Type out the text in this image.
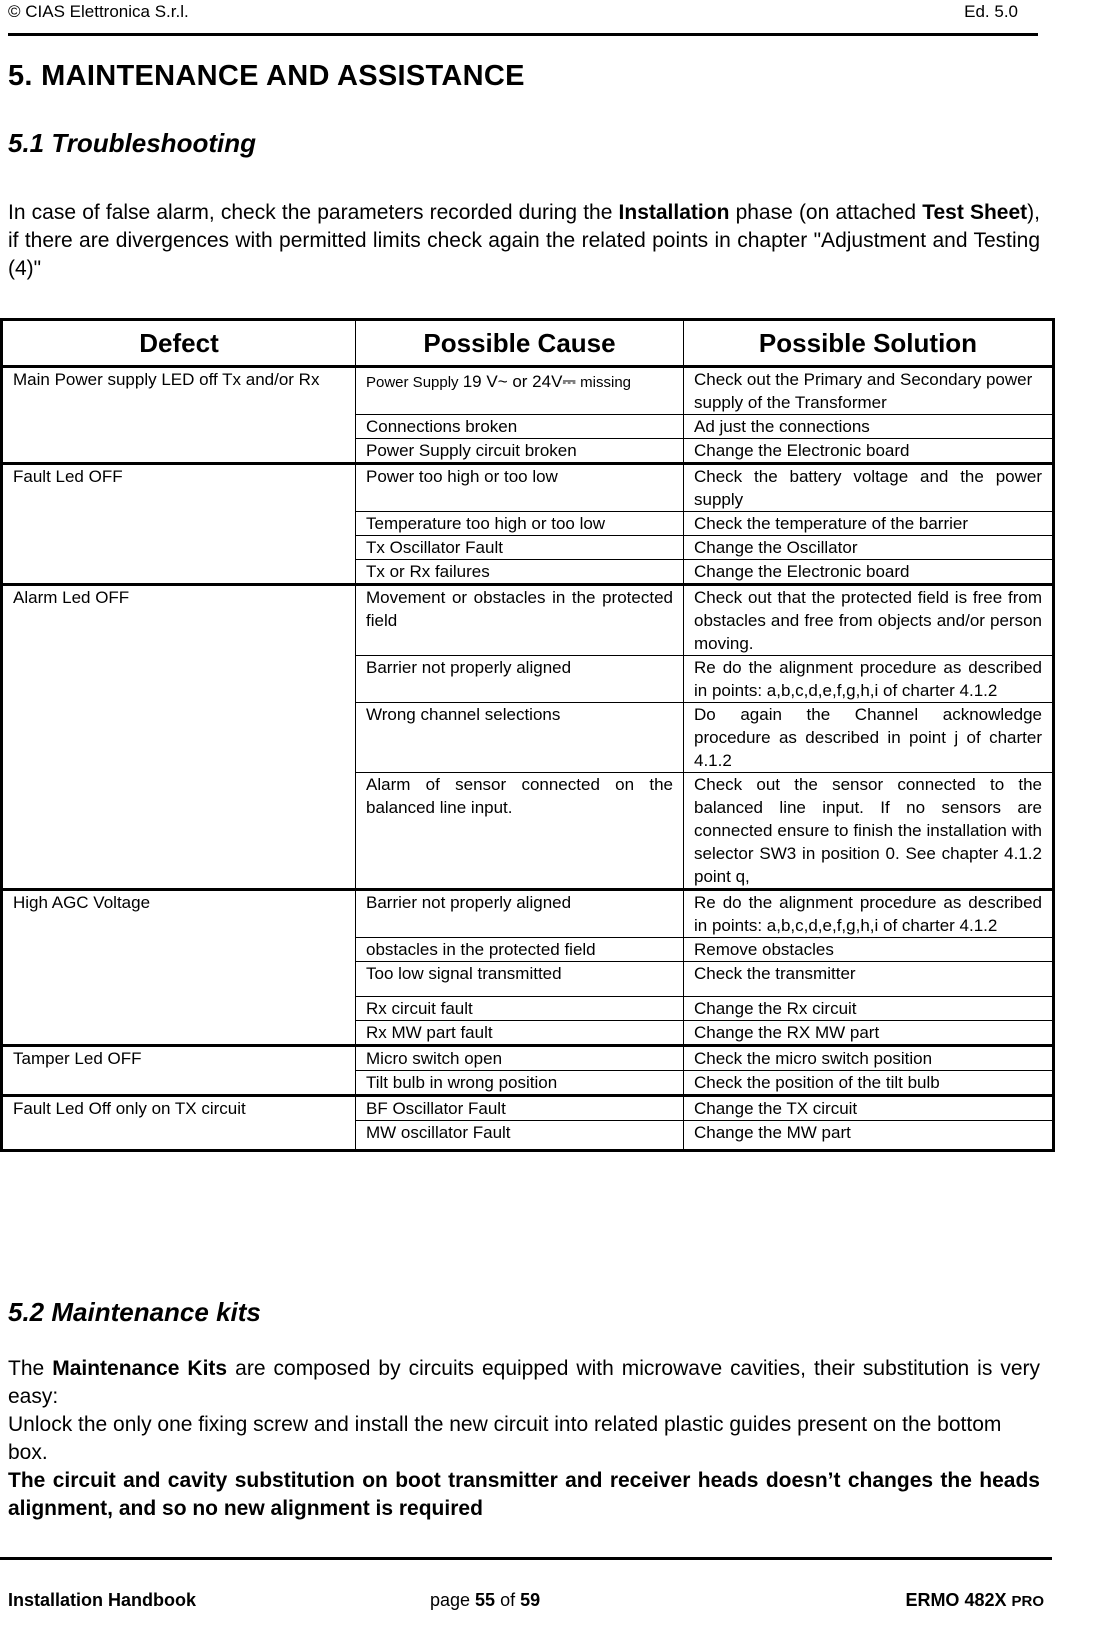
© CIAS Elettronica S.r.l.	Ed. 5.0
5. MAINTENANCE AND ASSISTANCE
5.1 Troubleshooting
In case of false alarm, check the parameters recorded during the Installation phase (on attached Test Sheet), if there are divergences with permitted limits check again the related points in chapter "Adjustment and Testing (4)"
Defect	Possible Cause	Possible Solution
Main Power supply LED off Tx and/or Rx	Power Supply 19 V~ or 24V⎓ missing	Check out the Primary and Secondary power supply of the Transformer
	Connections broken	Ad just the connections
	Power Supply circuit broken	Change the Electronic board
Fault Led OFF	Power too high or too low	Check the battery voltage and the power supply
	Temperature too high or too low	Check the temperature of the barrier
	Tx Oscillator Fault	Change the Oscillator
	Tx or Rx failures	Change the Electronic board
Alarm Led OFF	Movement or obstacles in the protected field	Check out that the protected field is free from obstacles and free from objects and/or person moving.
	Barrier not properly aligned	Re do the alignment procedure as described in points: a,b,c,d,e,f,g,h,i of charter 4.1.2
	Wrong channel selections	Do again the Channel acknowledge procedure as described in point j of charter 4.1.2
	Alarm of sensor connected on the balanced line input.	Check out the sensor connected to the balanced line input. If no sensors are connected ensure to finish the installation with selector SW3 in position 0. See chapter 4.1.2 point q,
High AGC Voltage	Barrier not properly aligned	Re do the alignment procedure as described in points: a,b,c,d,e,f,g,h,i of charter 4.1.2
	obstacles in the protected field	Remove obstacles
	Too low signal transmitted	Check the transmitter
	Rx circuit fault	Change the Rx circuit
	Rx MW part fault	Change the RX MW part
Tamper Led OFF	Micro switch open	Check the micro switch position
	Tilt bulb in wrong position	Check the position of the tilt bulb
Fault Led Off only on TX circuit	BF Oscillator Fault	Change the TX circuit
	MW oscillator Fault	Change the MW part
5.2 Maintenance kits
The Maintenance Kits are composed by circuits equipped with microwave cavities, their substitution is very easy:
Unlock the only one fixing screw and install the new circuit into related plastic guides present on the bottom box.
The circuit and cavity substitution on boot transmitter and receiver heads doesn’t changes the heads alignment, and so no new alignment is required
Installation Handbook	page 55 of 59	ERMO 482X PRO
